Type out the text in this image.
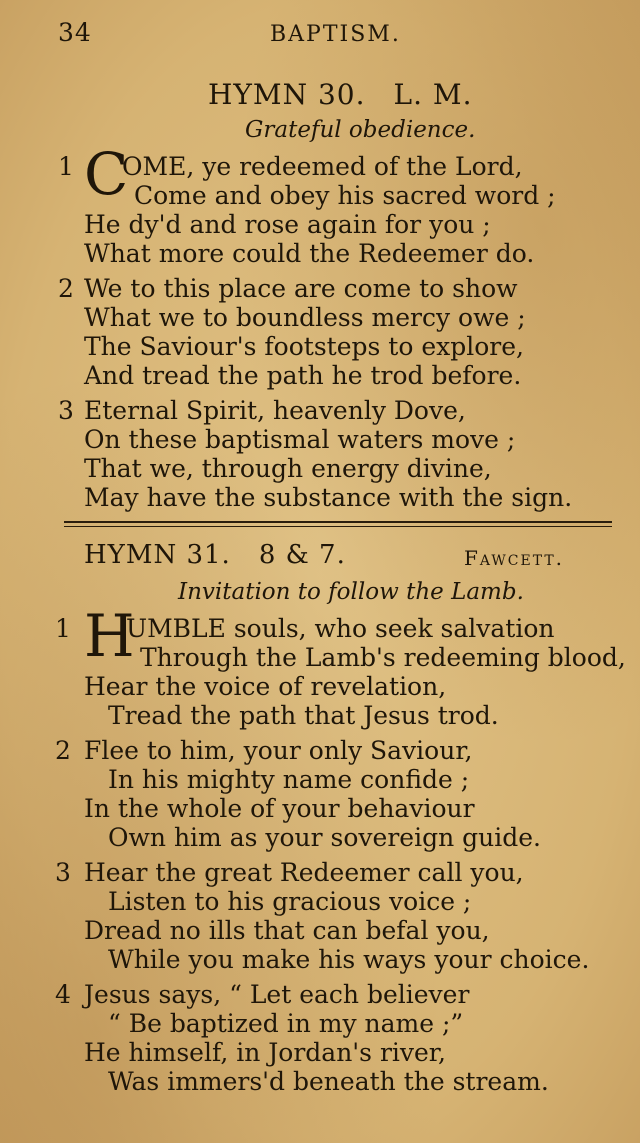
34	BAPTISM.
HYMN 30. L. M.
Grateful obedience.
1 C
OME, ye redeemed of the Lord,
Come and obey his sacred word ;
He dy'd and rose again for you ;
What more could the Redeemer do.
2 We to this place are come to show
What we to boundless mercy owe ;
The Saviour's footsteps to explore,
And tread the path he trod before.
3 Eternal Spirit, heavenly Dove,
On these baptismal waters move ;
That we, through energy divine,
May have the substance with the sign.
HYMN 31. 8 & 7.	Fawcett.
Invitation to follow the Lamb.
1 H
UMBLE souls, who seek salvation
Through the Lamb's redeeming blood,
Hear the voice of revelation,
Tread the path that Jesus trod.
2 Flee to him, your only Saviour,
In his mighty name confide ;
In the whole of your behaviour
Own him as your sovereign guide.
3 Hear the great Redeemer call you,
Listen to his gracious voice ;
Dread no ills that can befal you,
While you make his ways your choice.
4 Jesus says, “ Let each believer
“ Be baptized in my name ;”
He himself, in Jordan's river,
Was immers'd beneath the stream.
